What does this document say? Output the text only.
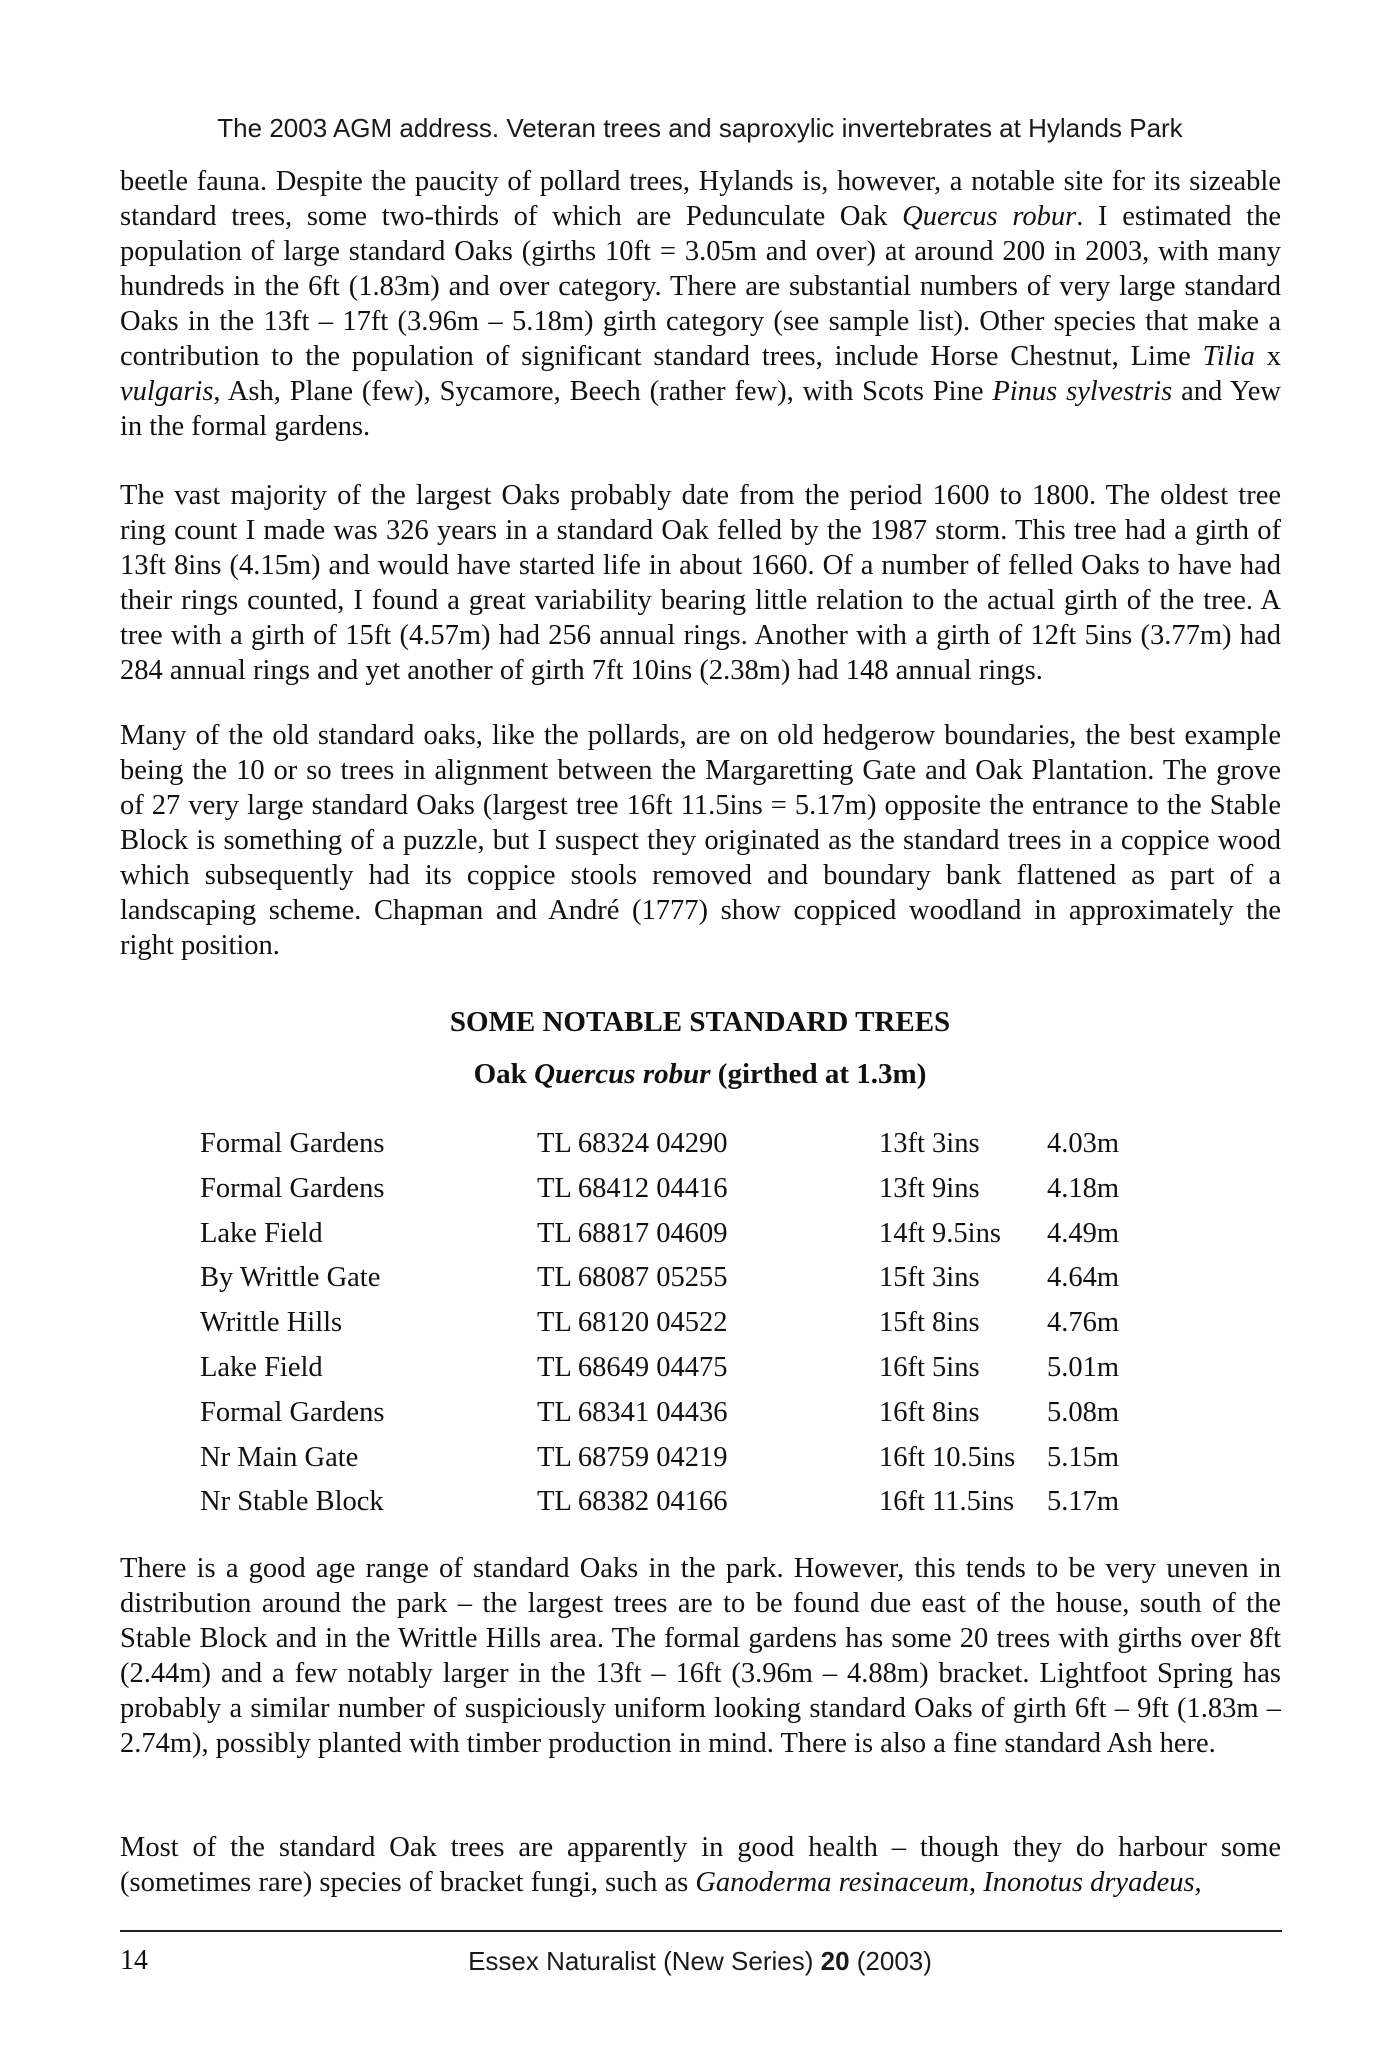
The 2003 AGM address. Veteran trees and saproxylic invertebrates at Hylands Park
beetle fauna. Despite the paucity of pollard trees, Hylands is, however, a notable site for its sizeable standard trees, some two-thirds of which are Pedunculate Oak Quercus robur. I estimated the population of large standard Oaks (girths 10ft = 3.05m and over) at around 200 in 2003, with many hundreds in the 6ft (1.83m) and over category. There are substantial numbers of very large standard Oaks in the 13ft – 17ft (3.96m – 5.18m) girth category (see sample list). Other species that make a contribution to the population of significant standard trees, include Horse Chestnut, Lime Tilia x vulgaris, Ash, Plane (few), Sycamore, Beech (rather few), with Scots Pine Pinus sylvestris and Yew in the formal gardens.
The vast majority of the largest Oaks probably date from the period 1600 to 1800. The oldest tree ring count I made was 326 years in a standard Oak felled by the 1987 storm. This tree had a girth of 13ft 8ins (4.15m) and would have started life in about 1660. Of a number of felled Oaks to have had their rings counted, I found a great variability bearing little relation to the actual girth of the tree. A tree with a girth of 15ft (4.57m) had 256 annual rings. Another with a girth of 12ft 5ins (3.77m) had 284 annual rings and yet another of girth 7ft 10ins (2.38m) had 148 annual rings.
Many of the old standard oaks, like the pollards, are on old hedgerow boundaries, the best example being the 10 or so trees in alignment between the Margaretting Gate and Oak Plantation. The grove of 27 very large standard Oaks (largest tree 16ft 11.5ins = 5.17m) opposite the entrance to the Stable Block is something of a puzzle, but I suspect they originated as the standard trees in a coppice wood which subsequently had its coppice stools removed and boundary bank flattened as part of a landscaping scheme. Chapman and André (1777) show coppiced woodland in approximately the right position.
SOME NOTABLE STANDARD TREES
Oak Quercus robur (girthed at 1.3m)
Formal Gardens	TL 68324 04290	13ft 3ins	4.03m
Formal Gardens	TL 68412 04416	13ft 9ins	4.18m
Lake Field	TL 68817 04609	14ft 9.5ins	4.49m
By Writtle Gate	TL 68087 05255	15ft 3ins	4.64m
Writtle Hills	TL 68120 04522	15ft 8ins	4.76m
Lake Field	TL 68649 04475	16ft 5ins	5.01m
Formal Gardens	TL 68341 04436	16ft 8ins	5.08m
Nr Main Gate	TL 68759 04219	16ft 10.5ins	5.15m
Nr Stable Block	TL 68382 04166	16ft 11.5ins	5.17m
There is a good age range of standard Oaks in the park. However, this tends to be very uneven in distribution around the park – the largest trees are to be found due east of the house, south of the Stable Block and in the Writtle Hills area. The formal gardens has some 20 trees with girths over 8ft (2.44m) and a few notably larger in the 13ft – 16ft (3.96m – 4.88m) bracket. Lightfoot Spring has probably a similar number of suspiciously uniform looking standard Oaks of girth 6ft – 9ft (1.83m – 2.74m), possibly planted with timber production in mind. There is also a fine standard Ash here.
Most of the standard Oak trees are apparently in good health – though they do harbour some (sometimes rare) species of bracket fungi, such as Ganoderma resinaceum, Inonotus dryadeus,
14	Essex Naturalist (New Series) 20 (2003)
